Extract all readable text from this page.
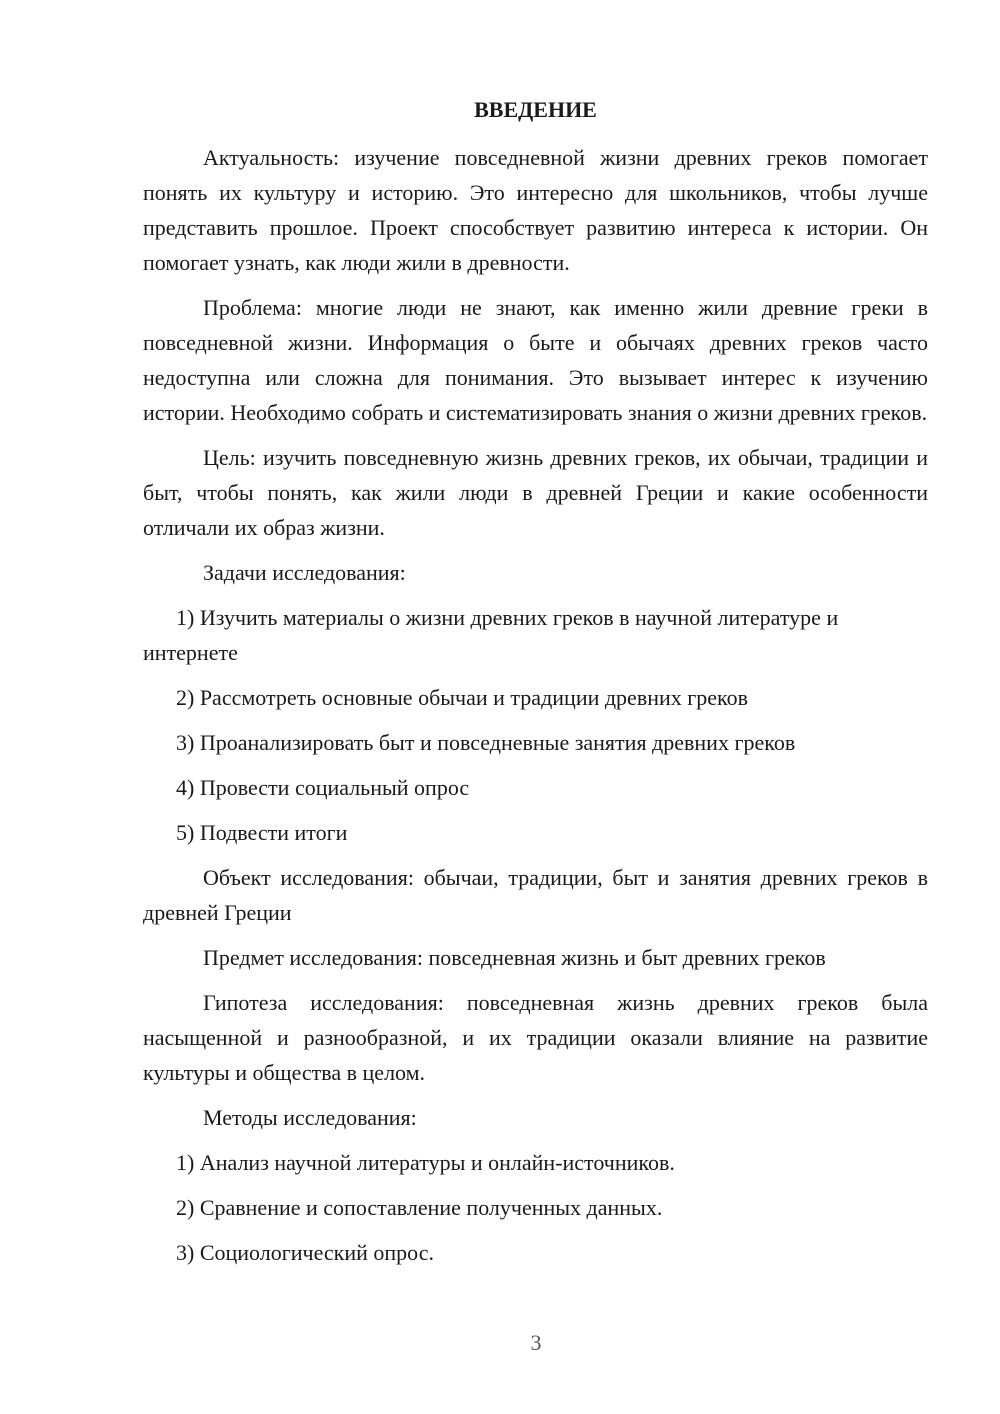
ВВЕДЕНИЕ
Актуальность: изучение повседневной жизни древних греков помогает понять их культуру и историю. Это интересно для школьников, чтобы лучше представить прошлое. Проект способствует развитию интереса к истории. Он помогает узнать, как люди жили в древности.
Проблема: многие люди не знают, как именно жили древние греки в повседневной жизни. Информация о быте и обычаях древних греков часто недоступна или сложна для понимания. Это вызывает интерес к изучению истории. Необходимо собрать и систематизировать знания о жизни древних греков.
Цель: изучить повседневную жизнь древних греков, их обычаи, традиции и быт, чтобы понять, как жили люди в древней Греции и какие особенности отличали их образ жизни.
Задачи исследования:
1) Изучить материалы о жизни древних греков в научной литературе и интернете
2) Рассмотреть основные обычаи и традиции древних греков
3) Проанализировать быт и повседневные занятия древних греков
4) Провести социальный опрос
5) Подвести итоги
Объект исследования: обычаи, традиции, быт и занятия древних греков в древней Греции
Предмет исследования: повседневная жизнь и быт древних греков
Гипотеза исследования: повседневная жизнь древних греков была насыщенной и разнообразной, и их традиции оказали влияние на развитие культуры и общества в целом.
Методы исследования:
1) Анализ научной литературы и онлайн-источников.
2) Сравнение и сопоставление полученных данных.
3) Социологический опрос.
3
